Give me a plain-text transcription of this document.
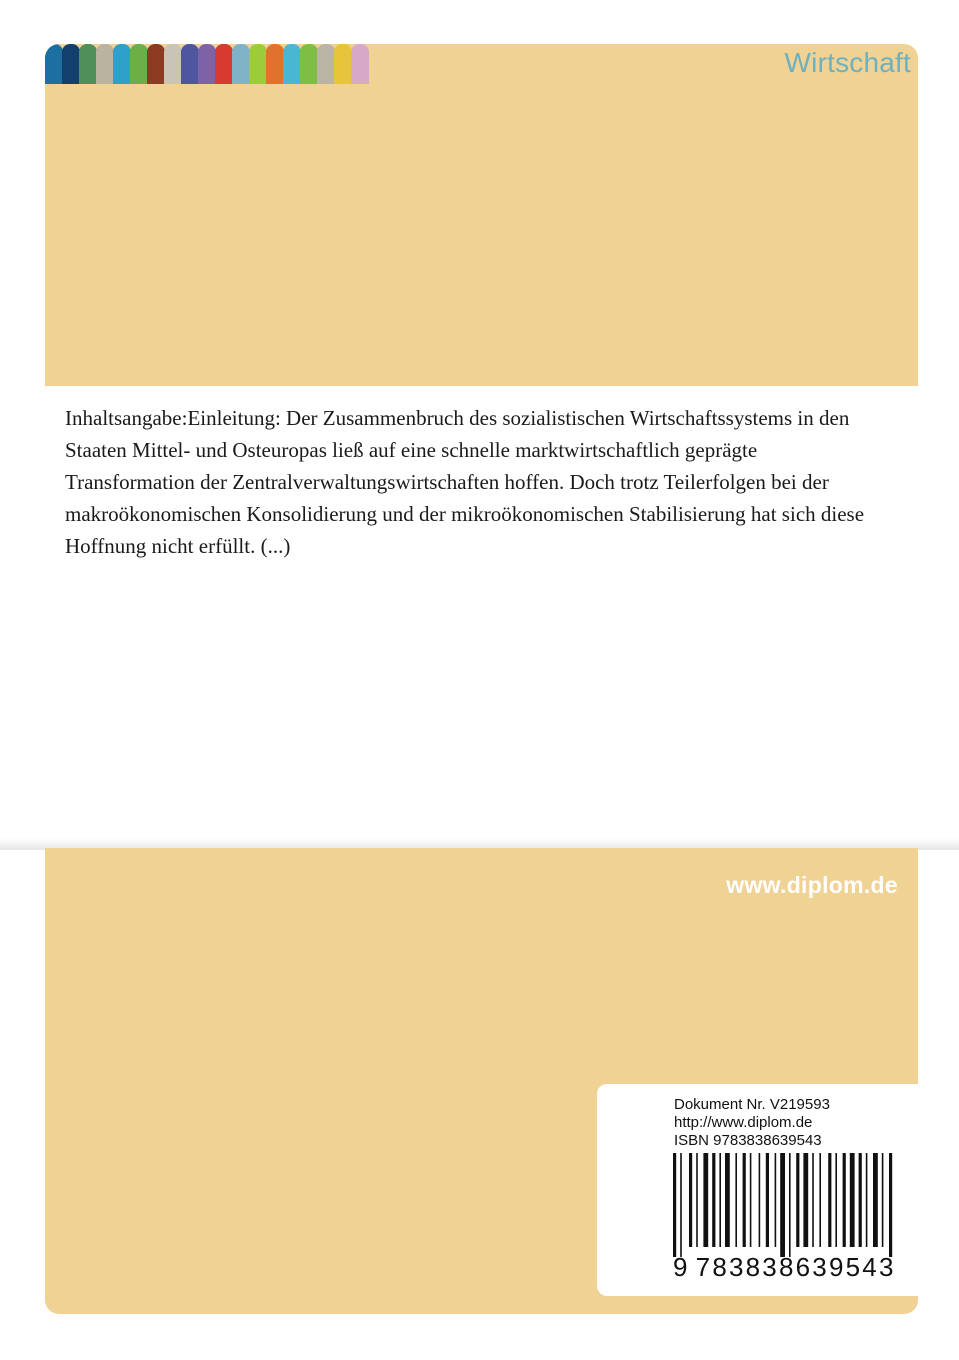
Wirtschaft

Inhaltsangabe:Einleitung: Der Zusammenbruch des sozialistischen Wirtschaftssystems in den Staaten Mittel- und Osteuropas ließ auf eine schnelle marktwirtschaftlich geprägte Transformation der Zentralverwaltungswirtschaften hoffen. Doch trotz Teilerfolgen bei der makroökonomischen Konsolidierung und der mikroökonomischen Stabilisierung hat sich diese Hoffnung nicht erfüllt. (...)

www.diplom.de
Dokument Nr. V219593
http://www.diplom.de
ISBN 9783838639543
9 783838639543
